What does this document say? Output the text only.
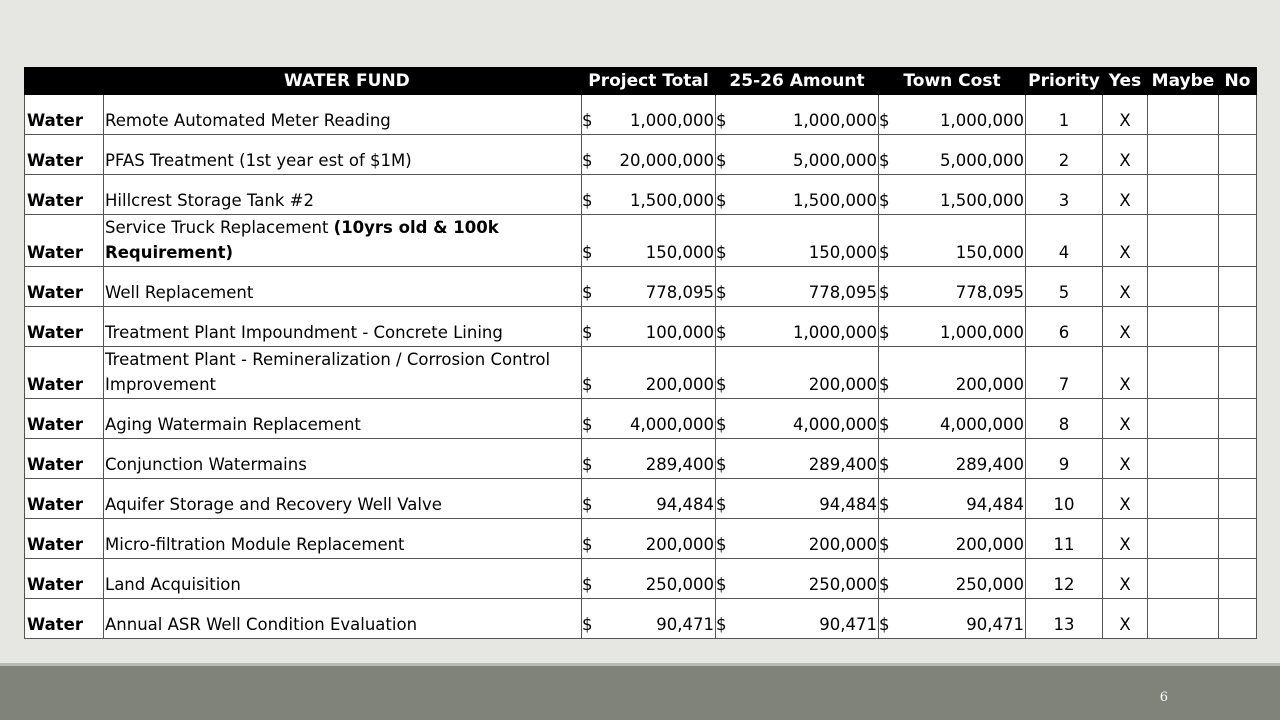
	WATER FUND	Project Total	25-26 Amount	Town Cost	Priority	Yes	Maybe	No
Water	Remote Automated Meter Reading	$ 1,000,000	$ 1,000,000	$ 1,000,000	1	X		
Water	PFAS Treatment (1st year est of $1M)	$ 20,000,000	$ 5,000,000	$ 5,000,000	2	X		
Water	Hillcrest Storage Tank #2	$ 1,500,000	$ 1,500,000	$ 1,500,000	3	X		
Water	Service Truck Replacement (10yrs old & 100k Requirement)	$ 150,000	$ 150,000	$ 150,000	4	X		
Water	Well Replacement	$ 778,095	$ 778,095	$ 778,095	5	X		
Water	Treatment Plant Impoundment - Concrete Lining	$ 100,000	$ 1,000,000	$ 1,000,000	6	X		
Water	Treatment Plant - Remineralization / Corrosion Control Improvement	$ 200,000	$ 200,000	$ 200,000	7	X		
Water	Aging Watermain Replacement	$ 4,000,000	$ 4,000,000	$ 4,000,000	8	X		
Water	Conjunction Watermains	$ 289,400	$ 289,400	$ 289,400	9	X		
Water	Aquifer Storage and Recovery Well Valve	$ 94,484	$ 94,484	$ 94,484	10	X		
Water	Micro-filtration Module Replacement	$ 200,000	$ 200,000	$ 200,000	11	X		
Water	Land Acquisition	$ 250,000	$ 250,000	$ 250,000	12	X		
Water	Annual ASR Well Condition Evaluation	$ 90,471	$ 90,471	$ 90,471	13	X		
6
